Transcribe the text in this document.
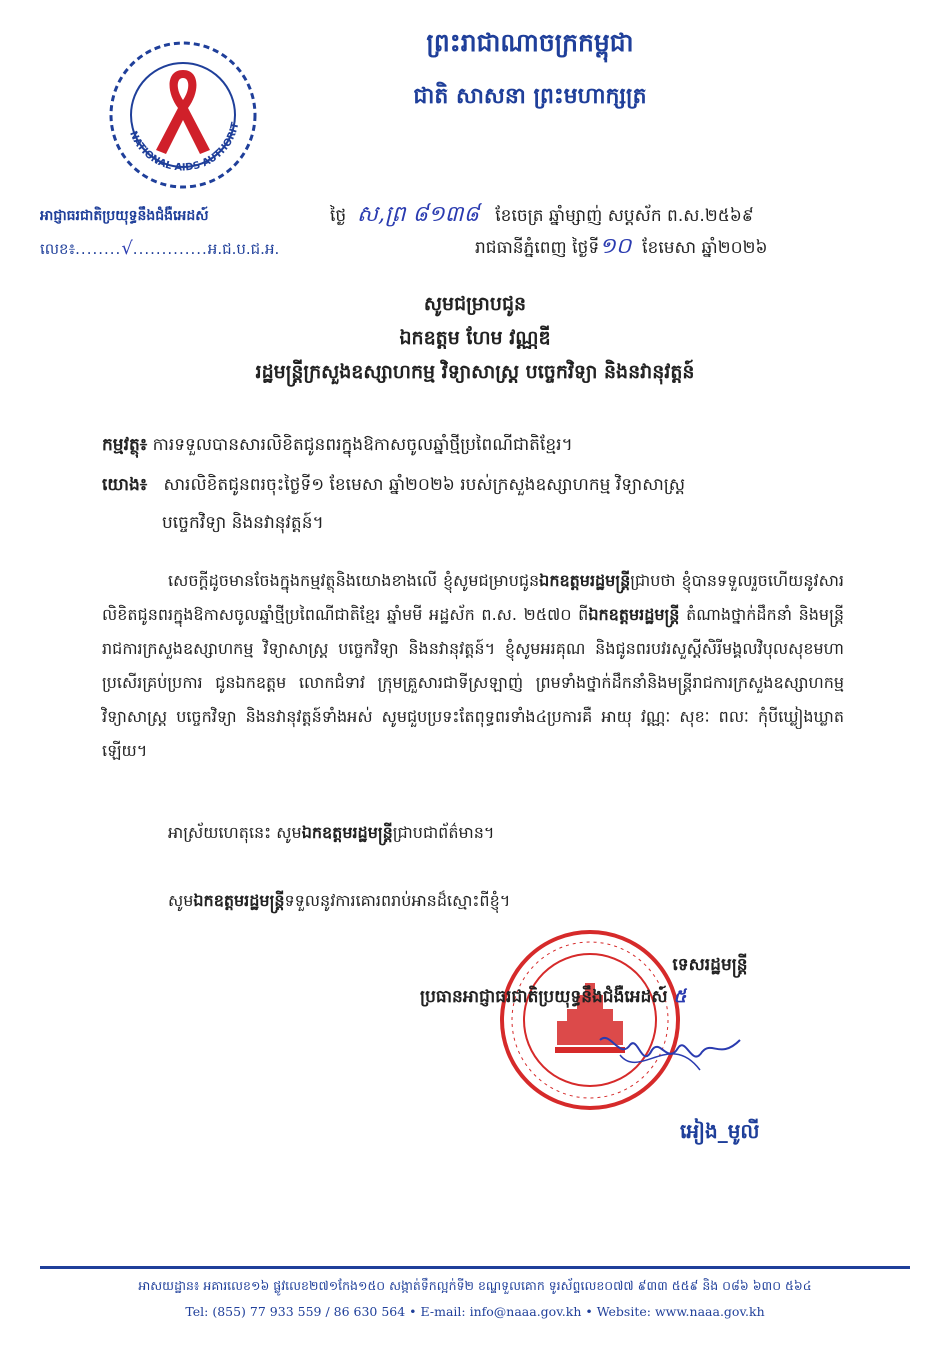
ព្រះរាជាណាចក្រកម្ពុជា
ជាតិ សាសនា ព្រះមហាក្សត្រ
NATIONAL AIDS AUTHORIT
អាជ្ញាធរជាតិប្រយុទ្ធនឹងជំងឺអេដស៍
លេខ៖........√.............អ.ជ.ប.ជ.អ.
ថ្ងៃ ស,ព្រ ៨១៣៨ ខែចេត្រ ឆ្នាំម្សាញ់ សប្តស័ក ព.ស.២៥៦៩
រាជធានីភ្នំពេញ ថ្ងៃទី១០ ខែមេសា ឆ្នាំ២០២៦
សូមជម្រាបជូន
ឯកឧត្តម ហែម វណ្ណឌី
រដ្ឋមន្ត្រីក្រសួងឧស្សាហកម្ម វិទ្យាសាស្ត្រ បច្ចេកវិទ្យា និងនវានុវត្តន៍
កម្មវត្ថុ៖ ការទទួលបានសារលិខិតជូនពរក្នុងឱកាសចូលឆ្នាំថ្មីប្រពៃណីជាតិខ្មែរ។
យោង៖ សារលិខិតជូនពរចុះថ្ងៃទី១ ខែមេសា ឆ្នាំ២០២៦ របស់ក្រសួងឧស្សាហកម្ម វិទ្យាសាស្ត្រ
បច្ចេកវិទ្យា និងនវានុវត្តន៍។
សេចក្តីដូចមានចែងក្នុងកម្មវត្ថុនិងយោងខាងលើ ខ្ញុំសូមជម្រាបជូនឯកឧត្តមរដ្ឋមន្ត្រីជ្រាបថា ខ្ញុំបានទទួលរួចហើយនូវសារលិខិតជូនពរក្នុងឱកាសចូលឆ្នាំថ្មីប្រពៃណីជាតិខ្មែរ ឆ្នាំមមី អដ្ឋស័ក ព.ស. ២៥៧០ ពីឯកឧត្តមរដ្ឋមន្ត្រី តំណាងថ្នាក់ដឹកនាំ និងមន្ត្រីរាជការក្រសួងឧស្សាហកម្ម វិទ្យាសាស្ត្រ បច្ចេកវិទ្យា និងនវានុវត្តន៍។ ខ្ញុំសូមអរគុណ និងជូនពរបវរសួស្តីសិរីមង្គលវិបុលសុខមហាប្រសើរគ្រប់ប្រការ ជូនឯកឧត្តម លោកជំទាវ ក្រុមគ្រួសារជាទីស្រឡាញ់ ព្រមទាំងថ្នាក់ដឹកនាំនិងមន្ត្រីរាជការក្រសួងឧស្សាហកម្ម វិទ្យាសាស្ត្រ បច្ចេកវិទ្យា និងនវានុវត្តន៍ទាំងអស់ សូមជួបប្រទះតែពុទ្ធពរទាំង៤ប្រការគឺ អាយុ វណ្ណៈ សុខៈ ពលៈ កុំបីឃ្លៀងឃ្លាតឡើយ។
អាស្រ័យហេតុនេះ សូមឯកឧត្តមរដ្ឋមន្ត្រីជ្រាបជាព័ត៌មាន។
សូមឯកឧត្តមរដ្ឋមន្ត្រីទទួលនូវការគោរពរាប់អានដ៏ស្មោះពីខ្ញុំ។
ទេសរដ្ឋមន្ត្រី
ប្រធានអាជ្ញាធរជាតិប្រយុទ្ធនឹងជំងឺអេដស៍ ៥
អៀង_មូលី
អាសយដ្ឋាន៖ អគារលេខ១៦ ផ្លូវលេខ២៧១កែង១៥០ សង្កាត់ទឹកល្អក់ទី២ ខណ្ឌទួលគោក ទូរស័ព្ទលេខ០៧៧ ៩៣៣ ៥៥៩ និង ០៨៦ ៦៣០ ៥៦៤
Tel: (855) 77 933 559 / 86 630 564 • E-mail: info@naaa.gov.kh • Website: www.naaa.gov.kh
